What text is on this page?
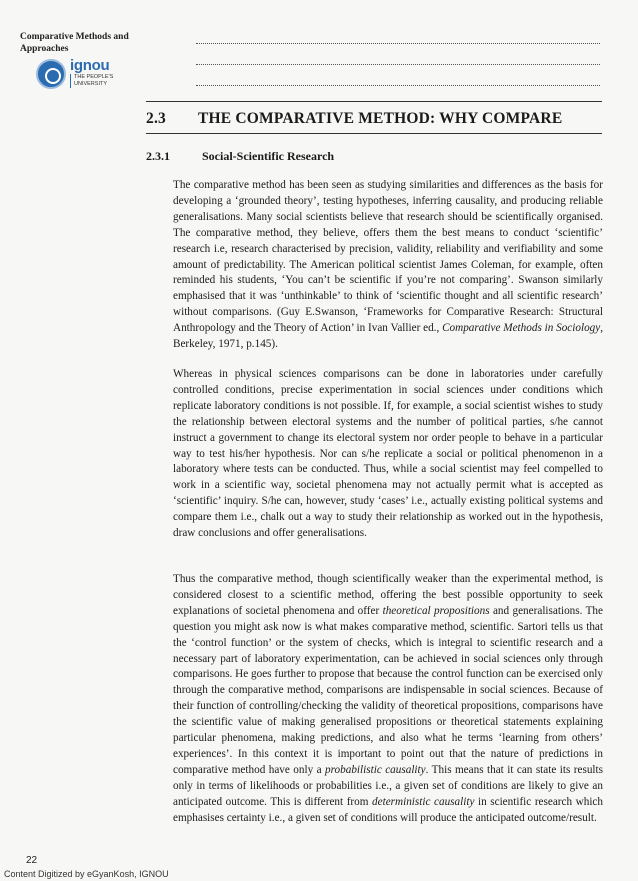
Comparative Methods and
Approaches
ignou
THE PEOPLE'S
UNIVERSITY
2.3 THE COMPARATIVE METHOD: WHY COMPARE
2.3.1	Social-Scientific Research
The comparative method has been seen as studying similarities and differences as the basis for developing a ‘grounded theory’, testing hypotheses, inferring causality, and producing reliable generalisations. Many social scientists believe that research should be scientifically organised. The comparative method, they believe, offers them the best means to conduct ‘scientific’ research i.e, research characterised by precision, validity, reliability and verifiability and some amount of predictability. The American political scientist James Coleman, for example, often reminded his students, ‘You can’t be scientific if you’re not comparing’. Swanson similarly emphasised that it was ‘unthinkable’ to think of ‘scientific thought and all scientific research’ without comparisons. (Guy E.Swanson, ‘Frameworks for Comparative Research: Structural Anthropology and the Theory of Action’ in Ivan Vallier ed., Comparative Methods in Sociology, Berkeley, 1971, p.145).
Whereas in physical sciences comparisons can be done in laboratories under carefully controlled conditions, precise experimentation in social sciences under conditions which replicate laboratory conditions is not possible. If, for example, a social scientist wishes to study the relationship between electoral systems and the number of political parties, s/he cannot instruct a government to change its electoral system nor order people to behave in a particular way to test his/her hypothesis. Nor can s/he replicate a social or political phenomenon in a laboratory where tests can be conducted. Thus, while a social scientist may feel compelled to work in a scientific way, societal phenomena may not actually permit what is accepted as ‘scientific’ inquiry. S/he can, however, study ‘cases’ i.e., actually existing political systems and compare them i.e., chalk out a way to study their relationship as worked out in the hypothesis, draw conclusions and offer generalisations.
Thus the comparative method, though scientifically weaker than the experimental method, is considered closest to a scientific method, offering the best possible opportunity to seek explanations of societal phenomena and offer theoretical propositions and generalisations. The question you might ask now is what makes comparative method, scientific. Sartori tells us that the ‘control function’ or the system of checks, which is integral to scientific research and a necessary part of laboratory experimentation, can be achieved in social sciences only through comparisons. He goes further to propose that because the control function can be exercised only through the comparative method, comparisons are indispensable in social sciences. Because of their function of controlling/checking the validity of theoretical propositions, comparisons have the scientific value of making generalised propositions or theoretical statements explaining particular phenomena, making predictions, and also what he terms ‘learning from others’ experiences’. In this context it is important to point out that the nature of predictions in comparative method have only a probabilistic causality. This means that it can state its results only in terms of likelihoods or probabilities i.e., a given set of conditions are likely to give an anticipated outcome. This is different from deterministic causality in scientific research which emphasises certainty i.e., a given set of conditions will produce the anticipated outcome/result.
22
Content Digitized by eGyanKosh, IGNOU
